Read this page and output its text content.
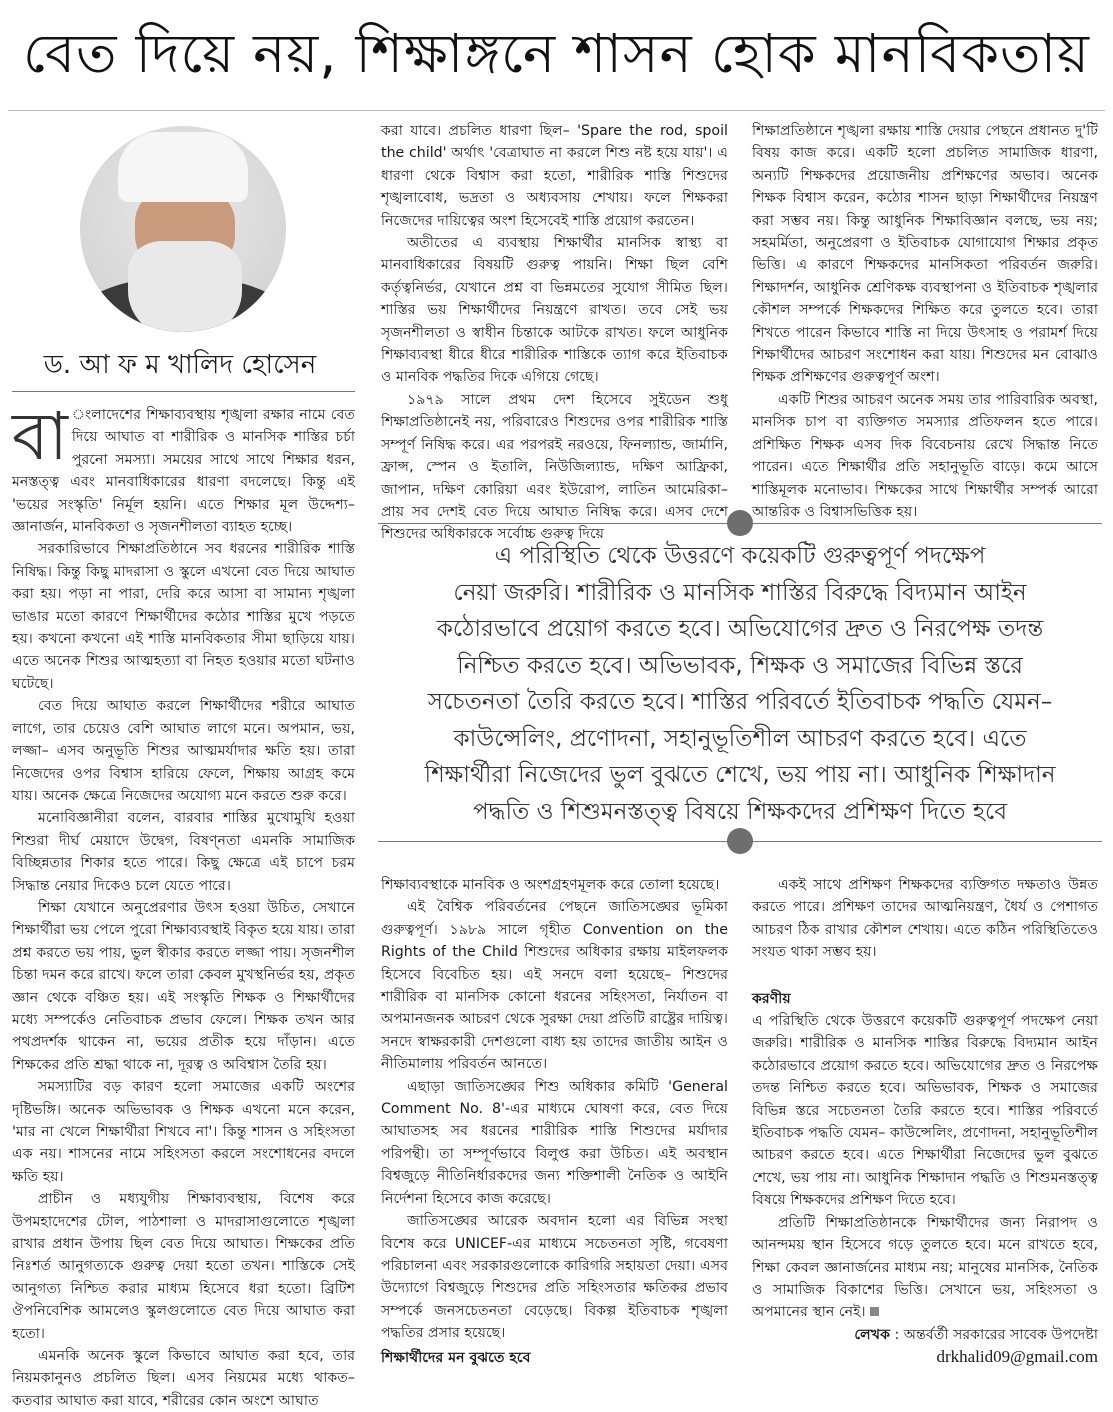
বেত দিয়ে নয়, শিক্ষাঙ্গনে শাসন হোক মানবিকতায়
ড. আ ফ ম খালিদ হোসেন
বা ংলাদেশের শিক্ষাব্যবস্থায় শৃঙ্খলা রক্ষার নামে বেত দিয়ে আঘাত বা শারীরিক ও মানসিক শাস্তির চর্চা পুরনো সমস্যা। সময়ের সাথে সাথে শিক্ষার ধরন, মনস্তত্ত্ব এবং মানবাধিকারের ধারণা বদলেছে। কিন্তু এই 'ভয়ের সংস্কৃতি' নির্মূল হয়নি। এতে শিক্ষার মূল উদ্দেশ্য– জ্ঞানার্জন, মানবিকতা ও সৃজনশীলতা ব্যাহত হচ্ছে।

সরকারিভাবে শিক্ষাপ্রতিষ্ঠানে সব ধরনের শারীরিক শাস্তি নিষিদ্ধ। কিন্তু কিছু মাদরাসা ও স্কুলে এখনো বেত দিয়ে আঘাত করা হয়। পড়া না পারা, দেরি করে আসা বা সামান্য শৃঙ্খলা ভাঙার মতো কারণে শিক্ষার্থীদের কঠোর শাস্তির মুখে পড়তে হয়। কখনো কখনো এই শাস্তি মানবিকতার সীমা ছাড়িয়ে যায়। এতে অনেক শিশুর আত্মহত্যা বা নিহত হওয়ার মতো ঘটনাও ঘটেছে।

বেত দিয়ে আঘাত করলে শিক্ষার্থীদের শরীরে আঘাত লাগে, তার চেয়েও বেশি আঘাত লাগে মনে। অপমান, ভয়, লজ্জা– এসব অনুভূতি শিশুর আত্মমর্যাদার ক্ষতি হয়। তারা নিজেদের ওপর বিশ্বাস হারিয়ে ফেলে, শিক্ষায় আগ্রহ কমে যায়। অনেক ক্ষেত্রে নিজেদের অযোগ্য মনে করতে শুরু করে।

মনোবিজ্ঞানীরা বলেন, বারবার শাস্তির মুখোমুখি হওয়া শিশুরা দীর্ঘ মেয়াদে উদ্বেগ, বিষণ্নতা এমনকি সামাজিক বিচ্ছিন্নতার শিকার হতে পারে। কিছু ক্ষেত্রে এই চাপে চরম সিদ্ধান্ত নেয়ার দিকেও চলে যেতে পারে।

শিক্ষা যেখানে অনুপ্রেরণার উৎস হওয়া উচিত, সেখানে শিক্ষার্থীরা ভয় পেলে পুরো শিক্ষাব্যবস্থাই বিকৃত হয়ে যায়। তারা প্রশ্ন করতে ভয় পায়, ভুল স্বীকার করতে লজ্জা পায়। সৃজনশীল চিন্তা দমন করে রাখে। ফলে তারা কেবল মুখস্থনির্ভর হয়, প্রকৃত জ্ঞান থেকে বঞ্চিত হয়। এই সংস্কৃতি শিক্ষক ও শিক্ষার্থীদের মধ্যে সম্পর্কেও নেতিবাচক প্রভাব ফেলে। শিক্ষক তখন আর পথপ্রদর্শক থাকেন না, ভয়ের প্রতীক হয়ে দাঁড়ান। এতে শিক্ষকের প্রতি শ্রদ্ধা থাকে না, দূরত্ব ও অবিশ্বাস তৈরি হয়।

সমস্যাটির বড় কারণ হলো সমাজের একটি অংশের দৃষ্টিভঙ্গি। অনেক অভিভাবক ও শিক্ষক এখনো মনে করেন, 'মার না খেলে শিক্ষার্থীরা শিখবে না'। কিন্তু শাসন ও সহিংসতা এক নয়। শাসনের নামে সহিংসতা করলে সংশোধনের বদলে ক্ষতি হয়।

প্রাচীন ও মধ্যযুগীয় শিক্ষাব্যবস্থায়, বিশেষ করে উপমহাদেশের টোল, পাঠশালা ও মাদরাসাগুলোতে শৃঙ্খলা রাখার প্রধান উপায় ছিল বেত দিয়ে আঘাত। শিক্ষকের প্রতি নিঃশর্ত আনুগত্যকে গুরুত্ব দেয়া হতো তখন। শাস্তিকে সেই আনুগত্য নিশ্চিত করার মাধ্যম হিসেবে ধরা হতো। ব্রিটিশ ঔপনিবেশিক আমলেও স্কুলগুলোতে বেত দিয়ে আঘাত করা হতো।

এমনকি অনেক স্কুলে কিভাবে আঘাত করা হবে, তার নিয়মকানুনও প্রচলিত ছিল। এসব নিয়মের মধ্যে থাকত– কতবার আঘাত করা যাবে, শরীরের কোন অংশে আঘাত

করা যাবে। প্রচলিত ধারণা ছিল– 'Spare the rod, spoil the child' অর্থাৎ 'বেত্রাঘাত না করলে শিশু নষ্ট হয়ে যায়'। এ ধারণা থেকে বিশ্বাস করা হতো, শারীরিক শাস্তি শিশুদের শৃঙ্খলাবোধ, ভদ্রতা ও অধ্যবসায় শেখায়। ফলে শিক্ষকরা নিজেদের দায়িত্বের অংশ হিসেবেই শাস্তি প্রয়োগ করতেন।

অতীতের এ ব্যবস্থায় শিক্ষার্থীর মানসিক স্বাস্থ্য বা মানবাধিকারের বিষয়টি গুরুত্ব পায়নি। শিক্ষা ছিল বেশি কর্তৃত্বনির্ভর, যেখানে প্রশ্ন বা ভিন্নমতের সুযোগ সীমিত ছিল। শাস্তির ভয় শিক্ষার্থীদের নিয়ন্ত্রণে রাখত। তবে সেই ভয় সৃজনশীলতা ও স্বাধীন চিন্তাকে আটকে রাখত। ফলে আধুনিক শিক্ষাব্যবস্থা ধীরে ধীরে শারীরিক শাস্তিকে ত্যাগ করে ইতিবাচক ও মানবিক পদ্ধতির দিকে এগিয়ে গেছে।

১৯৭৯ সালে প্রথম দেশ হিসেবে সুইডেন শুধু শিক্ষাপ্রতিষ্ঠানেই নয়, পরিবারেও শিশুদের ওপর শারীরিক শাস্তি সম্পূর্ণ নিষিদ্ধ করে। এর পরপরই নরওয়ে, ফিনল্যান্ড, জার্মানি, ফ্রান্স, স্পেন ও ইতালি, নিউজিল্যান্ড, দক্ষিণ আফ্রিকা, জাপান, দক্ষিণ কোরিয়া এবং ইউরোপ, লাতিন আমেরিকা– প্রায় সব দেশই বেত দিয়ে আঘাত নিষিদ্ধ করে। এসব দেশে শিশুদের অধিকারকে সর্বোচ্চ গুরুত্ব দিয়ে

শিক্ষাপ্রতিষ্ঠানে শৃঙ্খলা রক্ষায় শাস্তি দেয়ার পেছনে প্রধানত দু'টি বিষয় কাজ করে। একটি হলো প্রচলিত সামাজিক ধারণা, অন্যটি শিক্ষকদের প্রয়োজনীয় প্রশিক্ষণের অভাব। অনেক শিক্ষক বিশ্বাস করেন, কঠোর শাসন ছাড়া শিক্ষার্থীদের নিয়ন্ত্রণ করা সম্ভব নয়। কিন্তু আধুনিক শিক্ষাবিজ্ঞান বলছে, ভয় নয়; সহমর্মিতা, অনুপ্রেরণা ও ইতিবাচক যোগাযোগ শিক্ষার প্রকৃত ভিত্তি। এ কারণে শিক্ষকদের মানসিকতা পরিবর্তন জরুরি। শিক্ষাদর্শন, আধুনিক শ্রেণিকক্ষ ব্যবস্থাপনা ও ইতিবাচক শৃঙ্খলার কৌশল সম্পর্কে শিক্ষকদের শিক্ষিত করে তুলতে হবে। তারা শিখতে পারেন কিভাবে শাস্তি না দিয়ে উৎসাহ ও পরামর্শ দিয়ে শিক্ষার্থীদের আচরণ সংশোধন করা যায়। শিশুদের মন বোঝাও শিক্ষক প্রশিক্ষণের গুরুত্বপূর্ণ অংশ।

একটি শিশুর আচরণ অনেক সময় তার পারিবারিক অবস্থা, মানসিক চাপ বা ব্যক্তিগত সমস্যার প্রতিফলন হতে পারে। প্রশিক্ষিত শিক্ষক এসব দিক বিবেচনায় রেখে সিদ্ধান্ত নিতে পারেন। এতে শিক্ষার্থীর প্রতি সহানুভূতি বাড়ে। কমে আসে শাস্তিমূলক মনোভাব। শিক্ষকের সাথে শিক্ষার্থীর সম্পর্ক আরো আন্তরিক ও বিশ্বাসভিত্তিক হয়।

এ পরিস্থিতি থেকে উত্তরণে কয়েকটি গুরুত্বপূর্ণ পদক্ষেপ
নেয়া জরুরি। শারীরিক ও মানসিক শাস্তির বিরুদ্ধে বিদ্যমান আইন
কঠোরভাবে প্রয়োগ করতে হবে। অভিযোগের দ্রুত ও নিরপেক্ষ তদন্ত
নিশ্চিত করতে হবে। অভিভাবক, শিক্ষক ও সমাজের বিভিন্ন স্তরে
সচেতনতা তৈরি করতে হবে। শাস্তির পরিবর্তে ইতিবাচক পদ্ধতি যেমন–
কাউন্সেলিং, প্রণোদনা, সহানুভূতিশীল আচরণ করতে হবে। এতে
শিক্ষার্থীরা নিজেদের ভুল বুঝতে শেখে, ভয় পায় না। আধুনিক শিক্ষাদান
পদ্ধতি ও শিশুমনস্তত্ত্ব বিষয়ে শিক্ষকদের প্রশিক্ষণ দিতে হবে

শিক্ষাব্যবস্থাকে মানবিক ও অংশগ্রহণমূলক করে তোলা হয়েছে।

এই বৈশ্বিক পরিবর্তনের পেছনে জাতিসঙ্ঘের ভূমিকা গুরুত্বপূর্ণ। ১৯৮৯ সালে গৃহীত Convention on the Rights of the Child শিশুদের অধিকার রক্ষায় মাইলফলক হিসেবে বিবেচিত হয়। এই সনদে বলা হয়েছে– শিশুদের শারীরিক বা মানসিক কোনো ধরনের সহিংসতা, নির্যাতন বা অপমানজনক আচরণ থেকে সুরক্ষা দেয়া প্রতিটি রাষ্ট্রের দায়িত্ব। সনদে স্বাক্ষরকারী দেশগুলো বাধ্য হয় তাদের জাতীয় আইন ও নীতিমালায় পরিবর্তন আনতে।

এছাড়া জাতিসঙ্ঘের শিশু অধিকার কমিটি 'General Comment No. 8'-এর মাধ্যমে ঘোষণা করে, বেত দিয়ে আঘাতসহ সব ধরনের শারীরিক শাস্তি শিশুদের মর্যাদার পরিপন্থী। তা সম্পূর্ণভাবে বিলুপ্ত করা উচিত। এই অবস্থান বিশ্বজুড়ে নীতিনির্ধারকদের জন্য শক্তিশালী নৈতিক ও আইনি নির্দেশনা হিসেবে কাজ করেছে।

জাতিসঙ্ঘের আরেক অবদান হলো এর বিভিন্ন সংস্থা বিশেষ করে UNICEF-এর মাধ্যমে সচেতনতা সৃষ্টি, গবেষণা পরিচালনা এবং সরকারগুলোকে কারিগরি সহায়তা দেয়া। এসব উদ্যোগে বিশ্বজুড়ে শিশুদের প্রতি সহিংসতার ক্ষতিকর প্রভাব সম্পর্কে জনসচেতনতা বেড়েছে। বিকল্প ইতিবাচক শৃঙ্খলা পদ্ধতির প্রসার হয়েছে।

শিক্ষার্থীদের মন বুঝতে হবে

একই সাথে প্রশিক্ষণ শিক্ষকদের ব্যক্তিগত দক্ষতাও উন্নত করতে পারে। প্রশিক্ষণ তাদের আত্মনিয়ন্ত্রণ, ধৈর্য ও পেশাগত আচরণ ঠিক রাখার কৌশল শেখায়। এতে কঠিন পরিস্থিতিতেও সংযত থাকা সম্ভব হয়।

করণীয়

এ পরিস্থিতি থেকে উত্তরণে কয়েকটি গুরুত্বপূর্ণ পদক্ষেপ নেয়া জরুরি। শারীরিক ও মানসিক শাস্তির বিরুদ্ধে বিদ্যমান আইন কঠোরভাবে প্রয়োগ করতে হবে। অভিযোগের দ্রুত ও নিরপেক্ষ তদন্ত নিশ্চিত করতে হবে। অভিভাবক, শিক্ষক ও সমাজের বিভিন্ন স্তরে সচেতনতা তৈরি করতে হবে। শাস্তির পরিবর্তে ইতিবাচক পদ্ধতি যেমন– কাউন্সেলিং, প্রণোদনা, সহানুভূতিশীল আচরণ করতে হবে। এতে শিক্ষার্থীরা নিজেদের ভুল বুঝতে শেখে, ভয় পায় না। আধুনিক শিক্ষাদান পদ্ধতি ও শিশুমনস্তত্ত্ব বিষয়ে শিক্ষকদের প্রশিক্ষণ দিতে হবে।

প্রতিটি শিক্ষাপ্রতিষ্ঠানকে শিক্ষার্থীদের জন্য নিরাপদ ও আনন্দময় স্থান হিসেবে গড়ে তুলতে হবে। মনে রাখতে হবে, শিক্ষা কেবল জ্ঞানার্জনের মাধ্যম নয়; মানুষের মানসিক, নৈতিক ও সামাজিক বিকাশের ভিত্তি। সেখানে ভয়, সহিংসতা ও অপমানের স্থান নেই।

লেখক : অন্তর্বর্তী সরকারের সাবেক উপদেষ্টা
drkhalid09@gmail.com
